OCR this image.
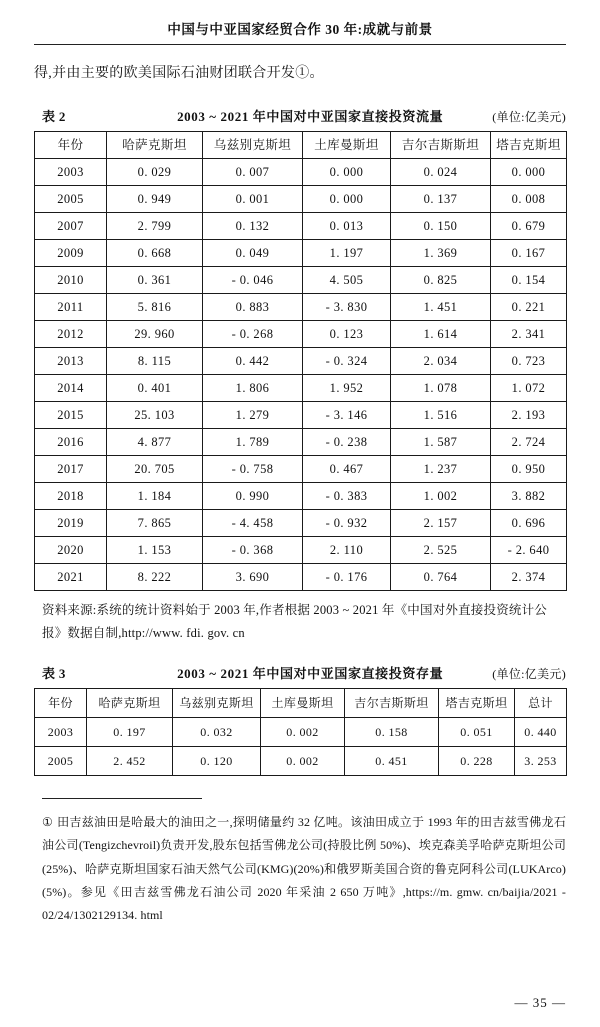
中国与中亚国家经贸合作 30 年:成就与前景

得,并由主要的欧美国际石油财团联合开发①。

表 2	2003 ~ 2021 年中国对中亚国家直接投资流量	(单位:亿美元)
年份	哈萨克斯坦	乌兹别克斯坦	土库曼斯坦	吉尔吉斯斯坦	塔吉克斯坦
2003	0. 029	0. 007	0. 000	0. 024	0. 000
2005	0. 949	0. 001	0. 000	0. 137	0. 008
2007	2. 799	0. 132	0. 013	0. 150	0. 679
2009	0. 668	0. 049	1. 197	1. 369	0. 167
2010	0. 361	- 0. 046	4. 505	0. 825	0. 154
2011	5. 816	0. 883	- 3. 830	1. 451	0. 221
2012	29. 960	- 0. 268	0. 123	1. 614	2. 341
2013	8. 115	0. 442	- 0. 324	2. 034	0. 723
2014	0. 401	1. 806	1. 952	1. 078	1. 072
2015	25. 103	1. 279	- 3. 146	1. 516	2. 193
2016	4. 877	1. 789	- 0. 238	1. 587	2. 724
2017	20. 705	- 0. 758	0. 467	1. 237	0. 950
2018	1. 184	0. 990	- 0. 383	1. 002	3. 882
2019	7. 865	- 4. 458	- 0. 932	2. 157	0. 696
2020	1. 153	- 0. 368	2. 110	2. 525	- 2. 640
2021	8. 222	3. 690	- 0. 176	0. 764	2. 374

资料来源:系统的统计资料始于 2003 年,作者根据 2003 ~ 2021 年《中国对外直接投资统计公报》数据自制,http://www. fdi. gov. cn

表 3	2003 ~ 2021 年中国对中亚国家直接投资存量	(单位:亿美元)
年份	哈萨克斯坦	乌兹别克斯坦	土库曼斯坦	吉尔吉斯斯坦	塔吉克斯坦	总计
2003	0. 197	0. 032	0. 002	0. 158	0. 051	0. 440
2005	2. 452	0. 120	0. 002	0. 451	0. 228	3. 253

① 田吉兹油田是哈最大的油田之一,探明储量约 32 亿吨。该油田成立于 1993 年的田吉兹雪佛龙石油公司(Tengizchevroil)负责开发,股东包括雪佛龙公司(持股比例 50%)、埃克森美孚哈萨克斯坦公司(25%)、哈萨克斯坦国家石油天然气公司(KMG)(20%)和俄罗斯美国合资的鲁克阿科公司(LUKArco)(5%)。参见《田吉兹雪佛龙石油公司 2020 年采油 2 650 万吨》,https://m. gmw. cn/baijia/2021 - 02/24/1302129134. html

— 35 —
